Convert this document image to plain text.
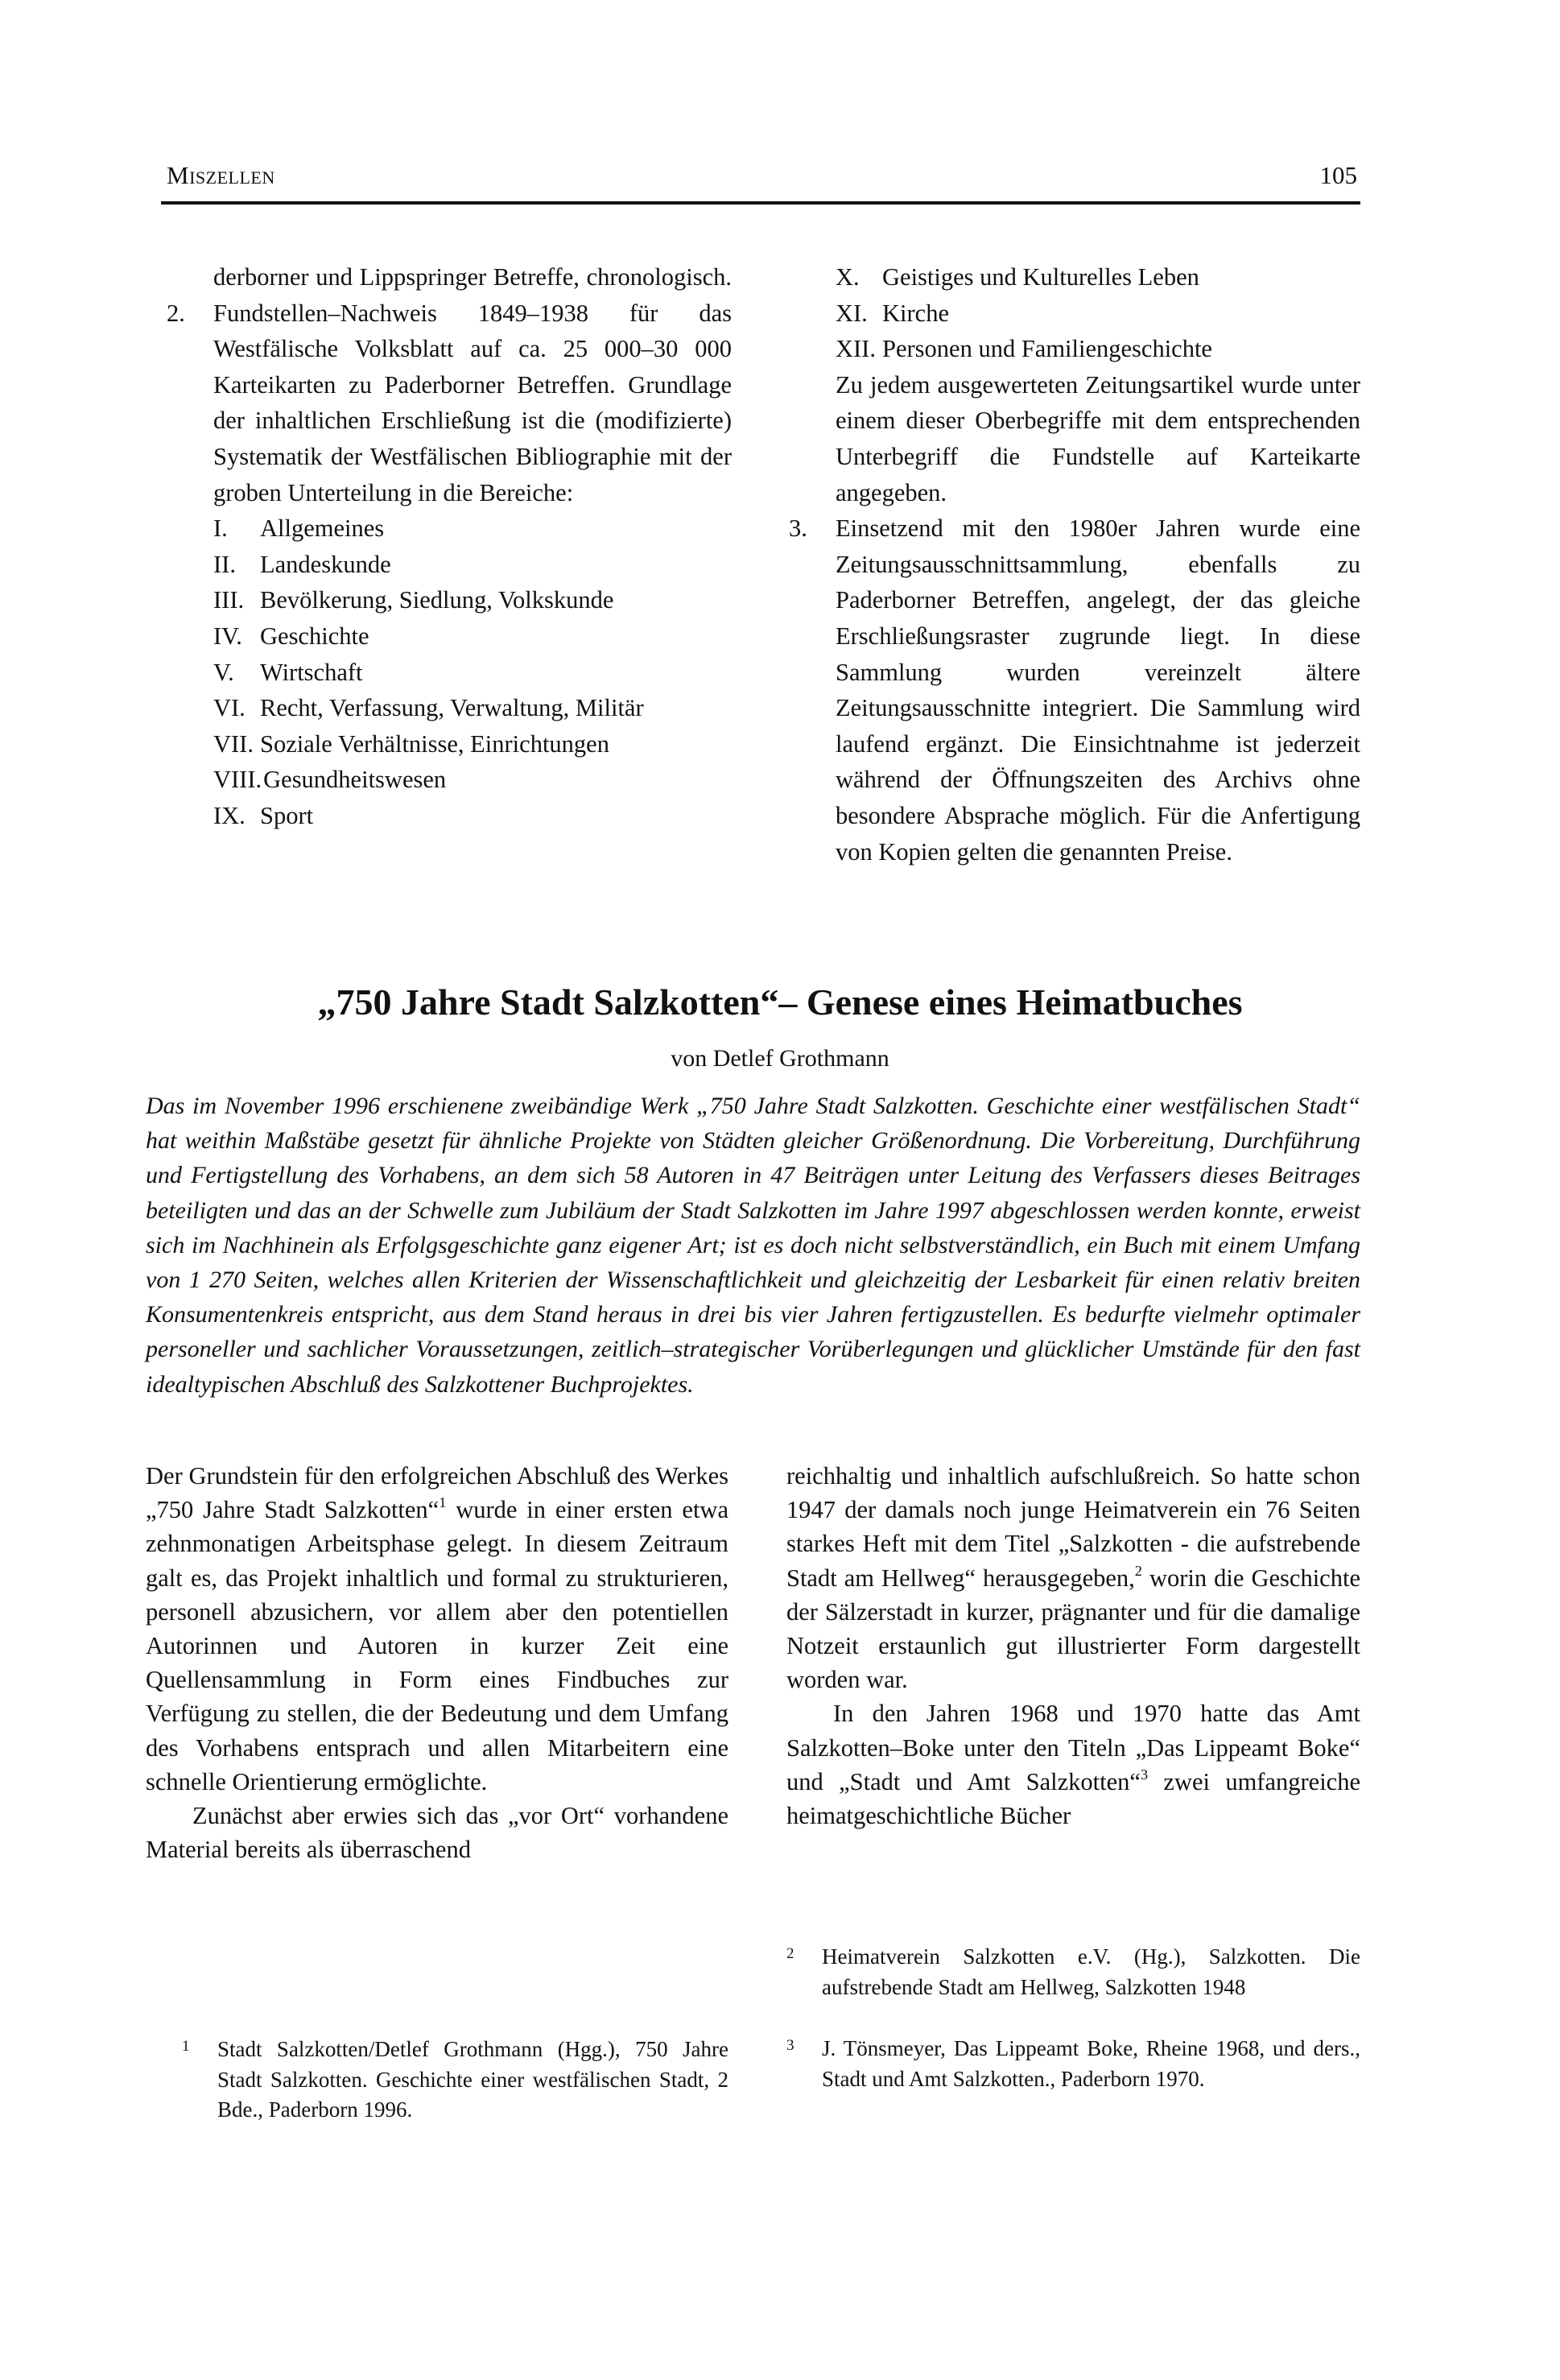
Miszellen	105

derborner und Lippspringer Betreffe, chronologisch.

2.	Fundstellen–Nachweis 1849–1938 für das Westfälische Volksblatt auf ca. 25 000–30 000 Karteikarten zu Paderborner Betreffen. Grundlage der inhaltlichen Erschließung ist die (modifizierte) Systematik der Westfälischen Bibliographie mit der groben Unterteilung in die Bereiche:
I.	Allgemeines
II. Landeskunde
III. Bevölkerung, Siedlung, Volkskunde
IV. Geschichte
V.	Wirtschaft
VI. Recht, Verfassung, Verwaltung, Militär
VII. Soziale Verhältnisse, Einrichtungen
VIII. Gesundheitswesen
IX. Sport
X. Geistiges und Kulturelles Leben
XI. Kirche
XII. Personen und Familiengeschichte

Zu jedem ausgewerteten Zeitungsartikel wurde unter einem dieser Oberbegriffe mit dem entsprechenden Unterbegriff die Fundstelle auf Karteikarte angegeben.

3.	Einsetzend mit den 1980er Jahren wurde eine Zeitungsausschnittsammlung, ebenfalls zu Paderborner Betreffen, angelegt, der das gleiche Erschließungsraster zugrunde liegt. In diese Sammlung wurden vereinzelt ältere Zeitungsausschnitte integriert. Die Sammlung wird laufend ergänzt. Die Einsichtnahme ist jederzeit während der Öffnungszeiten des Archivs ohne besondere Absprache möglich. Für die Anfertigung von Kopien gelten die genannten Preise.
„750 Jahre Stadt Salzkotten“– Genese eines Heimatbuches
von Detlef Grothmann
Das im November 1996 erschienene zweibändige Werk „750 Jahre Stadt Salzkotten. Geschichte einer westfälischen Stadt“ hat weithin Maßstäbe gesetzt für ähnliche Projekte von Städten gleicher Größenordnung. Die Vorbereitung, Durchführung und Fertigstellung des Vorhabens, an dem sich 58 Autoren in 47 Beiträgen unter Leitung des Verfassers dieses Beitrages beteiligten und das an der Schwelle zum Jubiläum der Stadt Salzkotten im Jahre 1997 abgeschlossen werden konnte, erweist sich im Nachhinein als Erfolgsgeschichte ganz eigener Art; ist es doch nicht selbstverständlich, ein Buch mit einem Umfang von 1 270 Seiten, welches allen Kriterien der Wissenschaftlichkeit und gleichzeitig der Lesbarkeit für einen relativ breiten Konsumentenkreis entspricht, aus dem Stand heraus in drei bis vier Jahren fertigzustellen. Es bedurfte vielmehr optimaler personeller und sachlicher Voraussetzungen, zeitlich–strategischer Vorüberlegungen und glücklicher Umstände für den fast idealtypischen Abschluß des Salzkottener Buchprojektes.

Der Grundstein für den erfolgreichen Abschluß des Werkes „750 Jahre Stadt Salzkotten“$^1$ wurde in einer ersten etwa zehnmonatigen Arbeitsphase gelegt. In diesem Zeitraum galt es, das Projekt inhaltlich und formal zu strukturieren, personell abzusichern, vor allem aber den potentiellen Autorinnen und Autoren in kurzer Zeit eine Quellensammlung in Form eines Findbuches zur Verfügung zu stellen, die der Bedeutung und dem Umfang des Vorhabens entsprach und allen Mitarbeitern eine schnelle Orientierung ermöglichte.

Zunächst aber erwies sich das „vor Ort“ vorhandene Material bereits als überraschend

reichhaltig und inhaltlich aufschlußreich. So hatte schon 1947 der damals noch junge Heimatverein ein 76 Seiten starkes Heft mit dem Titel „Salzkotten - die aufstrebende Stadt am Hellweg“ herausgegeben,$^2$ worin die Geschichte der Sälzerstadt in kurzer, prägnanter und für die damalige Notzeit erstaunlich gut illustrierter Form dargestellt worden war.

In den Jahren 1968 und 1970 hatte das Amt Salzkotten–Boke unter den Titeln „Das Lippeamt Boke“ und „Stadt und Amt Salzkotten“$^3$ zwei umfangreiche heimatgeschichtliche Bücher

1	Stadt Salzkotten/Detlef Grothmann (Hgg.), 750 Jahre Stadt Salzkotten. Geschichte einer westfälischen Stadt, 2 Bde., Paderborn 1996.
2	Heimatverein Salzkotten e.V. (Hg.), Salzkotten. Die aufstrebende Stadt am Hellweg, Salzkotten 1948
3	J. Tönsmeyer, Das Lippeamt Boke, Rheine 1968, und ders., Stadt und Amt Salzkotten., Paderborn 1970.
